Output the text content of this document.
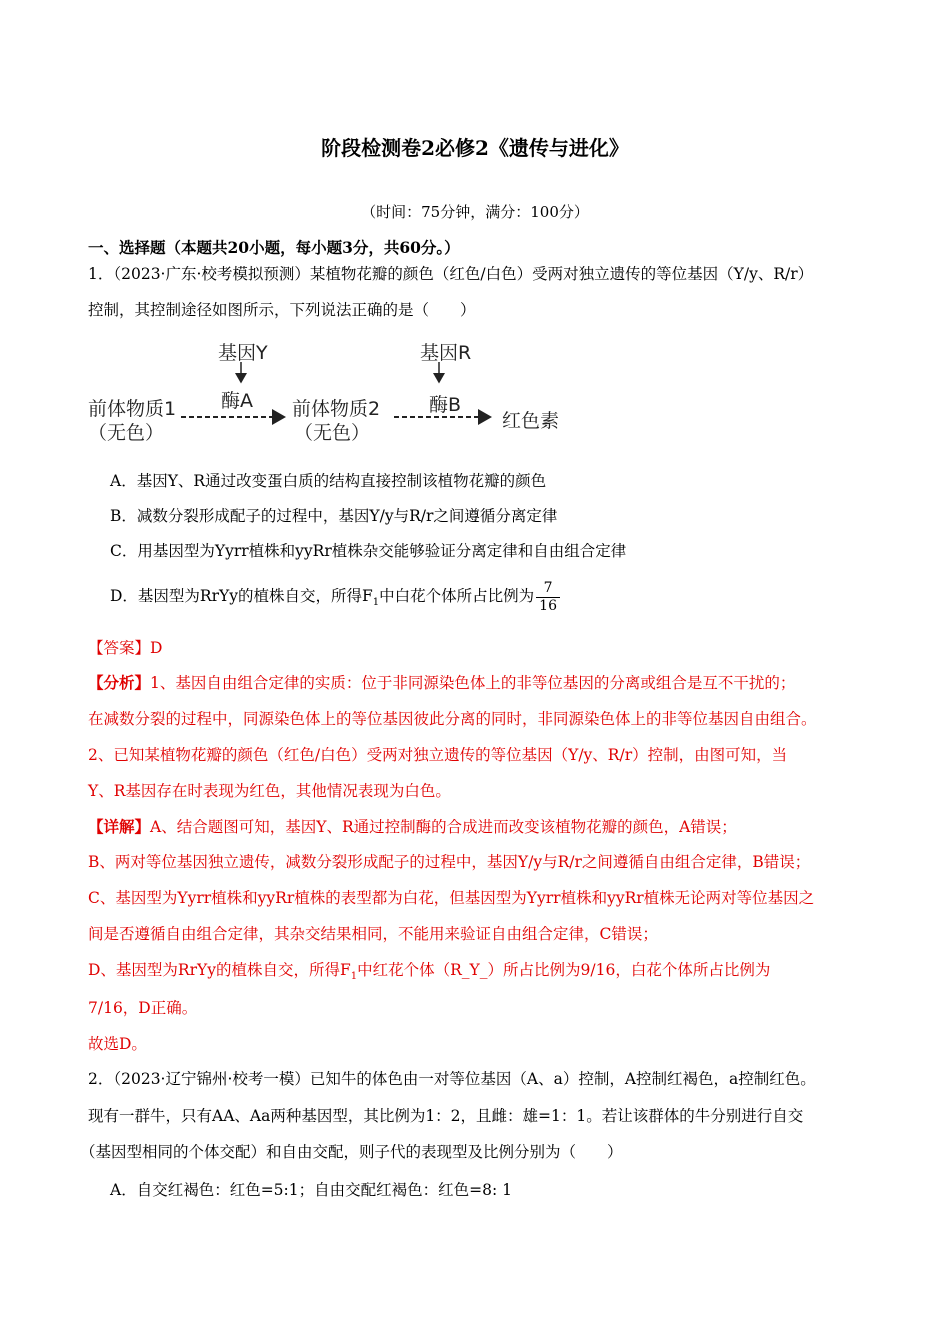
阶段检测卷2必修2《遗传与进化》
（时间：75分钟，满分：100分）
一、选择题（本题共20小题，每小题3分，共60分。）
1．（2023·广东·校考模拟预测）某植物花瓣的颜色（红色/白色）受两对独立遗传的等位基因（Y/y、R/r）
控制，其控制途径如图所示，下列说法正确的是（　　）
基因Y	基因R
酶A	酶B
前体物质1
（无色）
前体物质2
（无色）
红色素
A．基因Y、R通过改变蛋白质的结构直接控制该植物花瓣的颜色
B．减数分裂形成配子的过程中，基因Y/y与R/r之间遵循分离定律
C．用基因型为Yyrr植株和yyRr植株杂交能够验证分离定律和自由组合定律
D．基因型为RrYy的植株自交，所得$F_1$中白花个体所占比例为 $\frac{7}{16}$
【答案】D
【分析】1、基因自由组合定律的实质：位于非同源染色体上的非等位基因的分离或组合是互不干扰的；
在减数分裂的过程中，同源染色体上的等位基因彼此分离的同时，非同源染色体上的非等位基因自由组合。
2、已知某植物花瓣的颜色（红色/白色）受两对独立遗传的等位基因（Y/y、R/r）控制，由图可知，当
Y、R基因存在时表现为红色，其他情况表现为白色。
【详解】A、结合题图可知，基因Y、R通过控制酶的合成进而改变该植物花瓣的颜色，A错误；
B、两对等位基因独立遗传，减数分裂形成配子的过程中，基因Y/y与R/r之间遵循自由组合定律，B错误；
C、基因型为Yyrr植株和yyRr植株的表型都为白花，但基因型为Yyrr植株和yyRr植株无论两对等位基因之
间是否遵循自由组合定律，其杂交结果相同，不能用来验证自由组合定律，C错误；
D、基因型为RrYy的植株自交，所得$F_1$中红花个体（R_Y_）所占比例为9/16，白花个体所占比例为
7/16，D正确。
故选D。
2．（2023·辽宁锦州·校考一模）已知牛的体色由一对等位基因（A、a）控制，A控制红褐色，a控制红色。
现有一群牛，只有AA、Aa两种基因型，其比例为1：2，且雌：雄=1：1。若让该群体的牛分别进行自交
（基因型相同的个体交配）和自由交配，则子代的表现型及比例分别为（　　）
A．自交红褐色：红色=5:1；自由交配红褐色：红色=8: 1
